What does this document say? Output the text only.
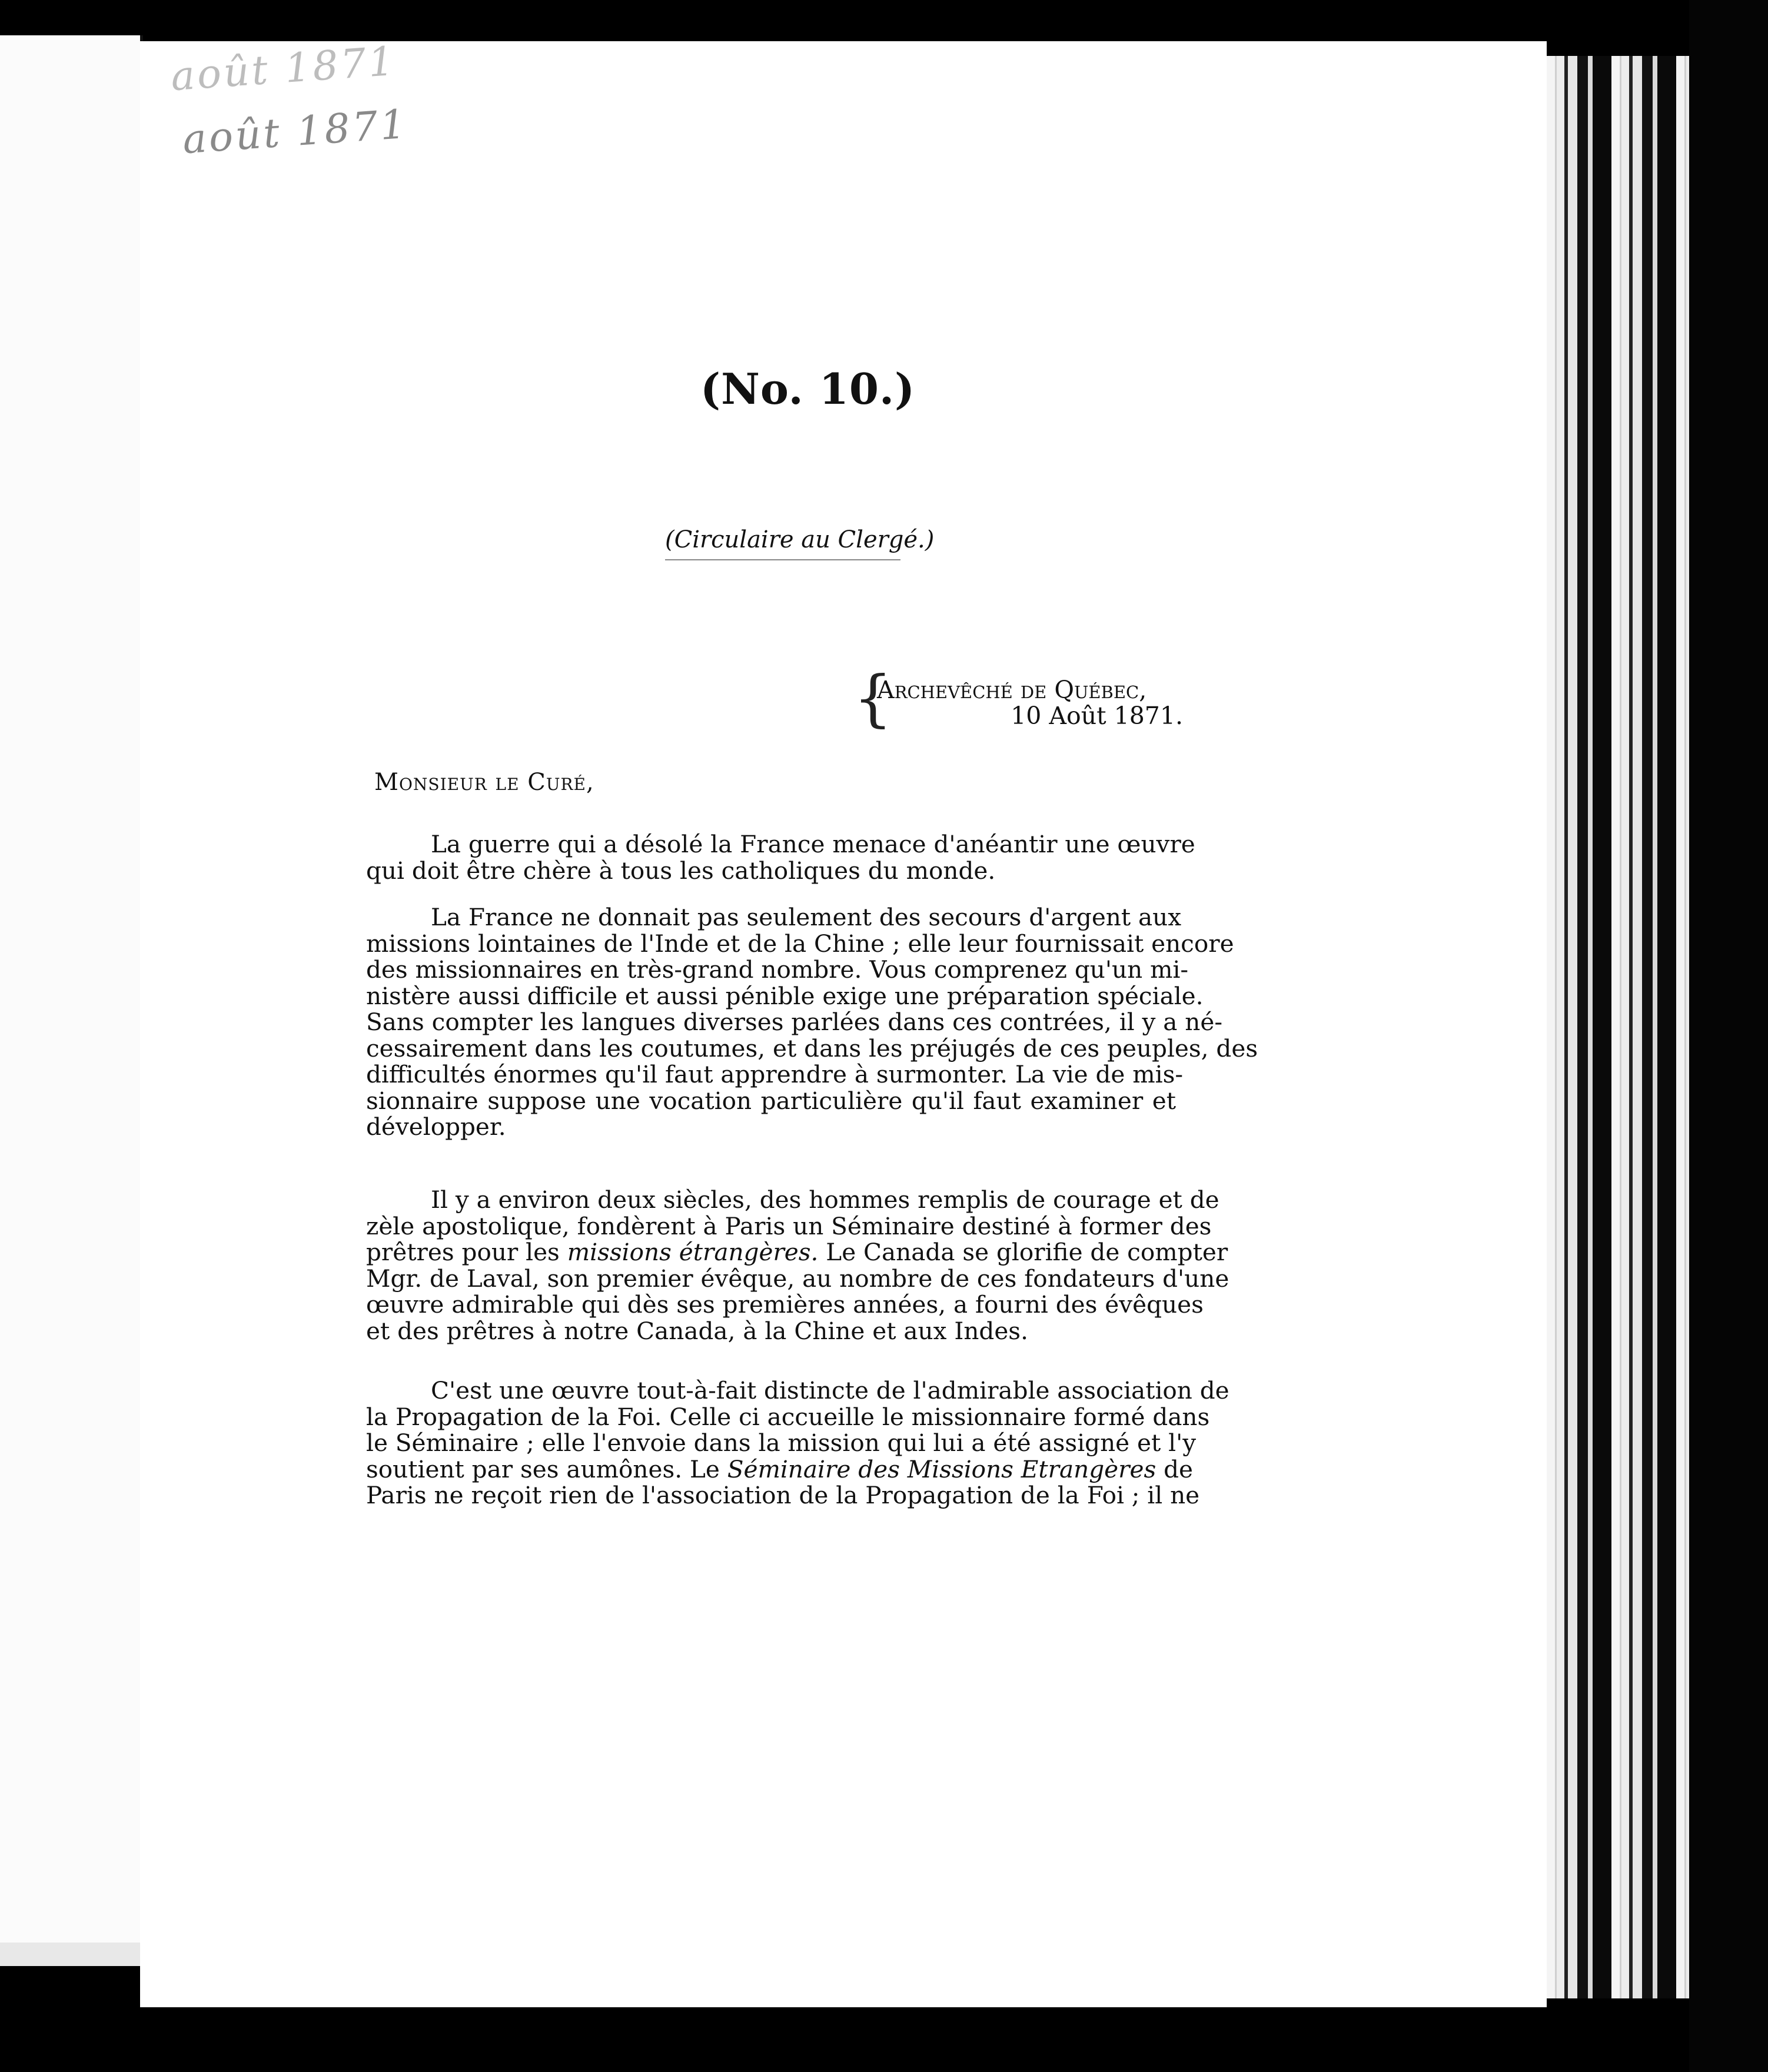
août 1871
août 1871
(No. 10.)
(Circulaire au Clergé.)
{
Archevêché de Québec,
10 Août 1871.
Monsieur le Curé,
La guerre qui a désolé la France menace d'anéantir une œuvre
qui doit être chère à tous les catholiques du monde.
La France ne donnait pas seulement des secours d'argent aux
missions lointaines de l'Inde et de la Chine ; elle leur fournissait encore
des missionnaires en très-grand nombre. Vous comprenez qu'un mi-
nistère aussi difficile et aussi pénible exige une préparation spéciale.
Sans compter les langues diverses parlées dans ces contrées, il y a né-
cessairement dans les coutumes, et dans les préjugés de ces peuples, des
difficultés énormes qu'il faut apprendre à surmonter. La vie de mis-
sionnaire suppose une vocation particulière qu'il faut examiner et
développer.
Il y a environ deux siècles, des hommes remplis de courage et de
zèle apostolique, fondèrent à Paris un Séminaire destiné à former des
prêtres pour les missions étrangères. Le Canada se glorifie de compter
Mgr. de Laval, son premier évêque, au nombre de ces fondateurs d'une
œuvre admirable qui dès ses premières années, a fourni des évêques
et des prêtres à notre Canada, à la Chine et aux Indes.
C'est une œuvre tout-à-fait distincte de l'admirable association de
la Propagation de la Foi. Celle ci accueille le missionnaire formé dans
le Séminaire ; elle l'envoie dans la mission qui lui a été assigné et l'y
soutient par ses aumônes. Le Séminaire des Missions Etrangères de
Paris ne reçoit rien de l'association de la Propagation de la Foi ; il ne
